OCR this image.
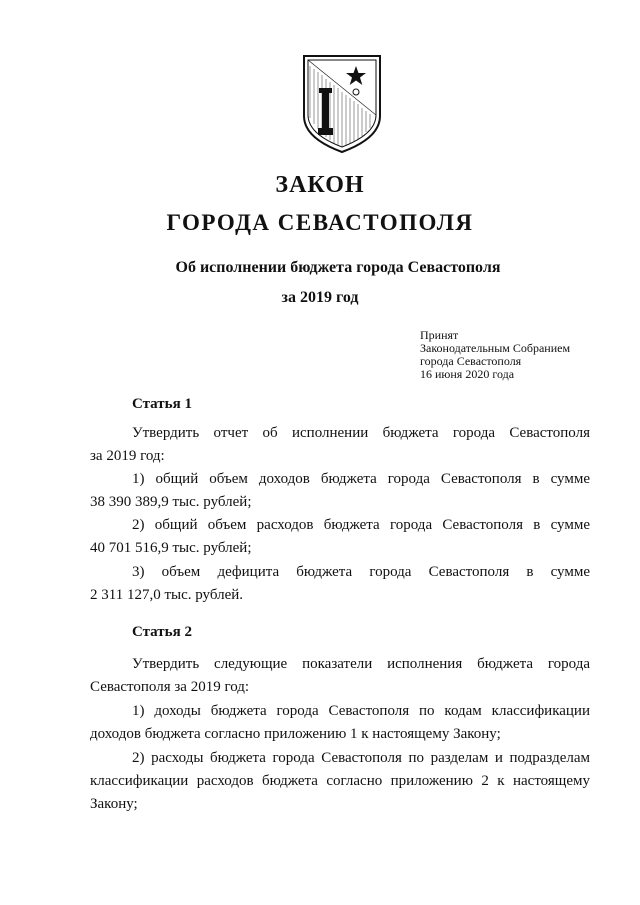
ЗАКОН
ГОРОДА СЕВАСТОПОЛЯ
Об исполнении бюджета города Севастополя
за 2019 год
Принят
Законодательным Собранием
города Севастополя
16 июня 2020 года
Статья 1
Утвердить отчет об исполнении бюджета города Севастополя
за 2019 год:
1) общий объем доходов бюджета города Севастополя в сумме
38 390 389,9 тыс. рублей;
2) общий объем расходов бюджета города Севастополя в сумме
40 701 516,9 тыс. рублей;
3) объем дефицита бюджета города Севастополя в сумме
2 311 127,0 тыс. рублей.
Статья 2
Утвердить следующие показатели исполнения бюджета города
Севастополя за 2019 год:
1) доходы бюджета города Севастополя по кодам классификации
доходов бюджета согласно приложению 1 к настоящему Закону;
2) расходы бюджета города Севастополя по разделам и подразделам
классификации расходов бюджета согласно приложению 2 к настоящему
Закону;
